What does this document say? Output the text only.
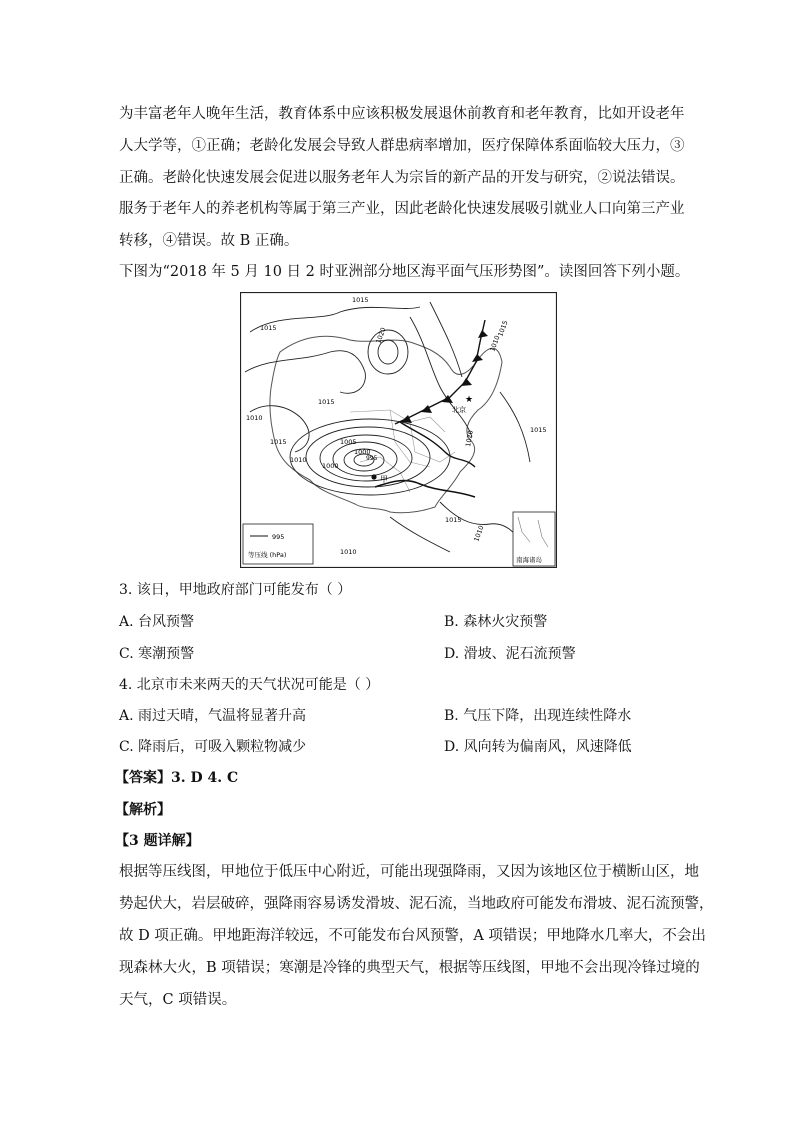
为丰富老年人晚年生活，教育体系中应该积极发展退休前教育和老年教育，比如开设老年
人大学等，①正确；老龄化发展会导致人群患病率增加，医疗保障体系面临较大压力，③
正确。老龄化快速发展会促进以服务老年人为宗旨的新产品的开发与研究，②说法错误。
服务于老年人的养老机构等属于第三产业，因此老龄化快速发展吸引就业人口向第三产业
转移，④错误。故 B 正确。
下图为“2018 年 5 月 10 日 2 时亚洲部分地区海平面气压形势图”。读图回答下列小题。
1015
1015	1020	1010
1015
1010
1015
1015
1010
1005
1000
1000
995
1015
1010
1020	1015
1010
★
北京
甲
995
等压线 (hPa)
南海诸岛
3. 该日，甲地政府部门可能发布（ ）
A. 台风预警	B. 森林火灾预警
C. 寒潮预警	D. 滑坡、泥石流预警
4. 北京市未来两天的天气状况可能是（ ）
A. 雨过天晴，气温将显著升高	B. 气压下降，出现连续性降水
C. 降雨后，可吸入颗粒物减少	D. 风向转为偏南风，风速降低
【答案】3. D 4. C
【解析】
【3 题详解】
根据等压线图，甲地位于低压中心附近，可能出现强降雨，又因为该地区位于横断山区，地
势起伏大，岩层破碎，强降雨容易诱发滑坡、泥石流，当地政府可能发布滑坡、泥石流预警，
故 D 项正确。甲地距海洋较远，不可能发布台风预警，A 项错误；甲地降水几率大，不会出
现森林大火，B 项错误；寒潮是冷锋的典型天气，根据等压线图，甲地不会出现冷锋过境的
天气，C 项错误。
